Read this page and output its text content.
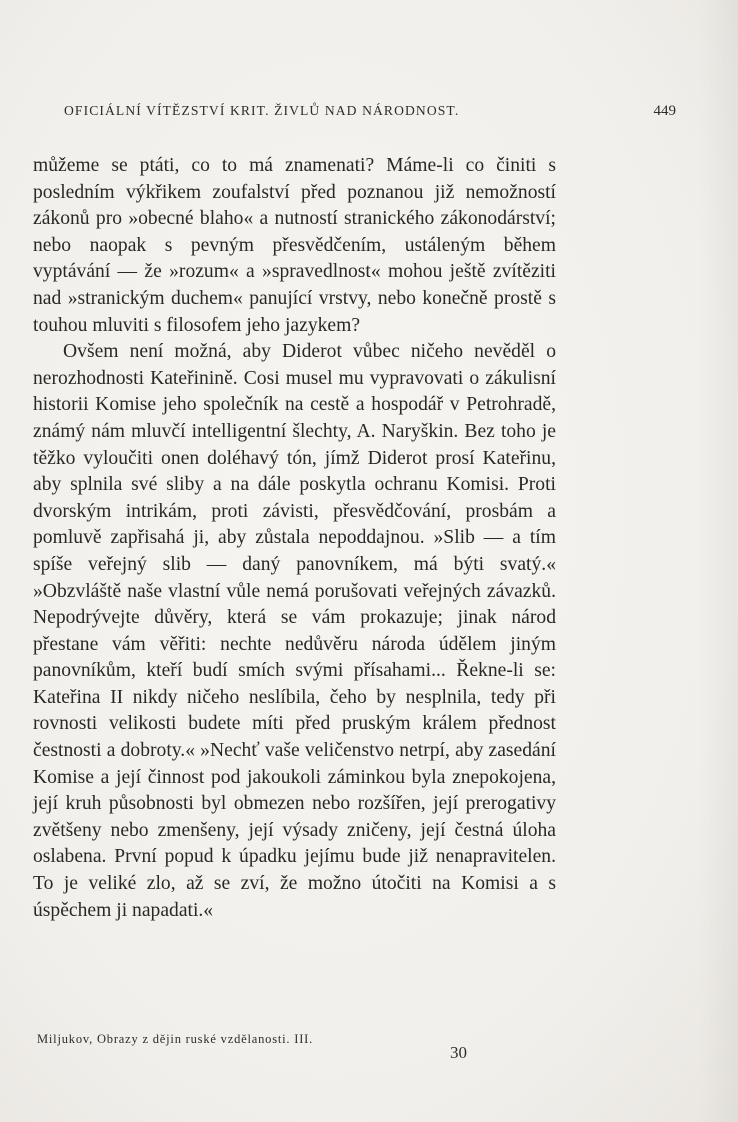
OFICIÁLNÍ VÍTĚZSTVÍ KRIT. ŽIVLŮ NAD NÁRODNOST.	449

můžeme se ptáti, co to má znamenati? Máme-li co činiti s posledním výkřikem zoufalství před poznanou již nemožností zákonů pro »obecné blaho« a nutností stranického zákonodárství; nebo naopak s pevným přesvědčením, ustáleným během vyptávání — že »rozum« a »spravedlnost« mohou ještě zvítěziti nad »stranickým duchem« panující vrstvy, nebo konečně prostě s touhou mluviti s filosofem jeho jazykem?

Ovšem není možná, aby Diderot vůbec ničeho nevěděl o nerozhodnosti Kateřinině. Cosi musel mu vypravovati o zákulisní historii Komise jeho společník na cestě a hospodář v Petrohradě, známý nám mluvčí intelligentní šlechty, A. Naryškin. Bez toho je těžko vyloučiti onen doléhavý tón, jímž Diderot prosí Kateřinu, aby splnila své sliby a na dále poskytla ochranu Komisi. Proti dvorským intrikám, proti závisti, přesvědčování, prosbám a pomluvě zapřisahá ji, aby zůstala nepoddajnou. »Slib — a tím spíše veřejný slib — daný panovníkem, má býti svatý.« »Obzvláště naše vlastní vůle nemá porušovati veřejných závazků. Nepodrývejte důvěry, která se vám prokazuje; jinak národ přestane vám věřiti: nechte nedůvěru národa údělem jiným panovníkům, kteří budí smích svými přísahami... Řekne-li se: Kateřina II nikdy ničeho neslíbila, čeho by nesplnila, tedy při rovnosti velikosti budete míti před pruským králem přednost čestnosti a dobroty.« »Nechť vaše veličenstvo netrpí, aby zasedání Komise a její činnost pod jakoukoli záminkou byla znepokojena, její kruh působnosti byl obmezen nebo rozšířen, její prerogativy zvětšeny nebo zmenšeny, její výsady zničeny, její čestná úloha oslabena. První popud k úpadku jejímu bude již nenapravitelen. To je veliké zlo, až se zví, že možno útočiti na Komisi a s úspěchem ji napadati.«

Miljukov, Obrazy z dějin ruské vzdělanosti. III.
30
